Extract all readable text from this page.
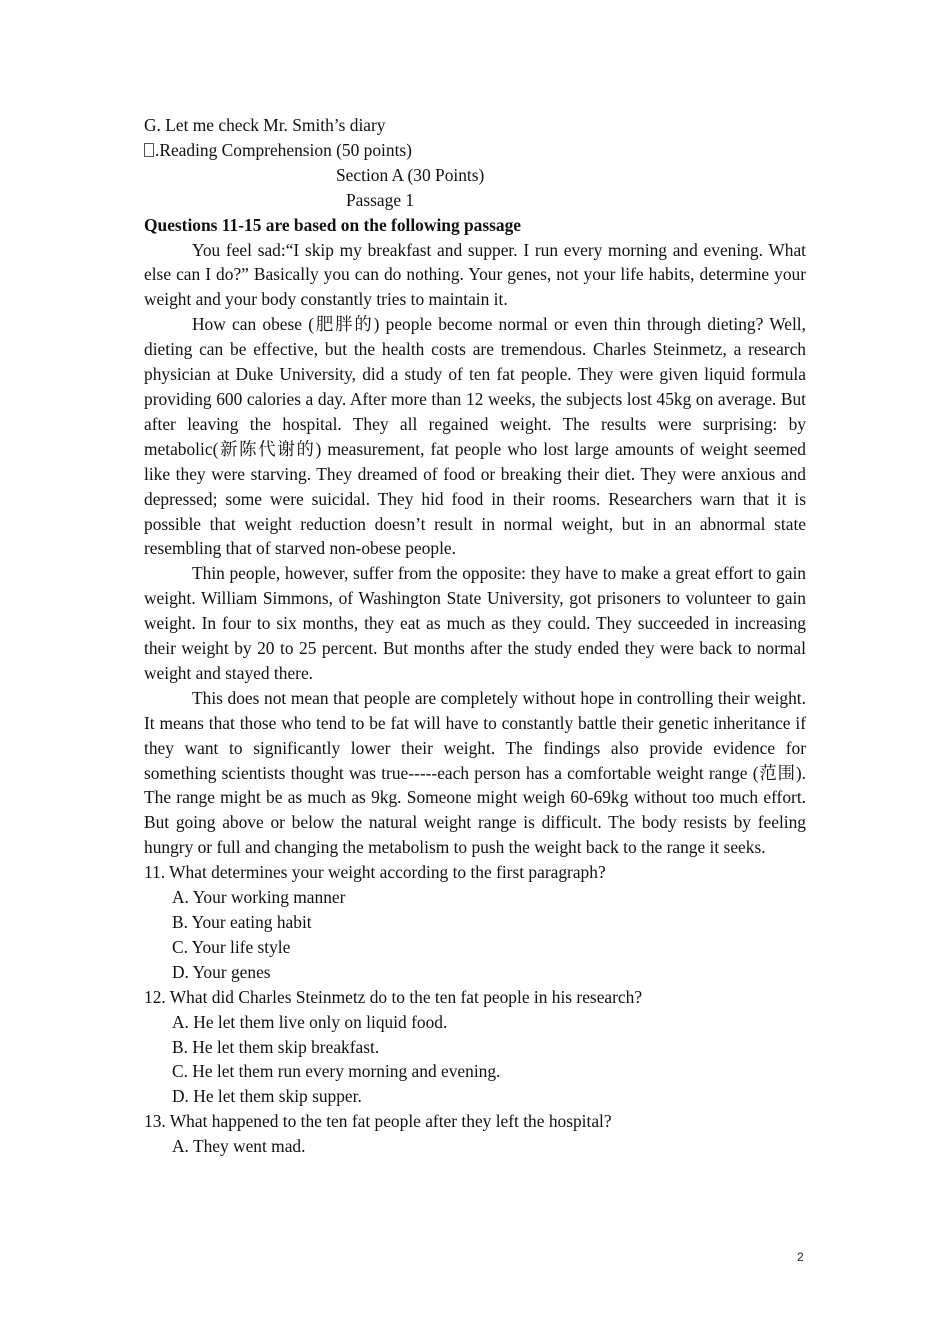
G. Let me check Mr. Smith’s diary
.Reading Comprehension (50 points)
Section A (30 Points)
Passage 1
Questions 11-15 are based on the following passage

You feel sad:“I skip my breakfast and supper. I run every morning and evening. What else can I do?” Basically you can do nothing. Your genes, not your life habits, determine your weight and your body constantly tries to maintain it.

How can obese (肥胖的) people become normal or even thin through dieting? Well, dieting can be effective, but the health costs are tremendous. Charles Steinmetz, a research physician at Duke University, did a study of ten fat people. They were given liquid formula providing 600 calories a day. After more than 12 weeks, the subjects lost 45kg on average. But after leaving the hospital. They all regained weight. The results were surprising: by metabolic(新陈代谢的) measurement, fat people who lost large amounts of weight seemed like they were starving. They dreamed of food or breaking their diet. They were anxious and depressed; some were suicidal. They hid food in their rooms. Researchers warn that it is possible that weight reduction doesn’t result in normal weight, but in an abnormal state resembling that of starved non-obese people.

Thin people, however, suffer from the opposite: they have to make a great effort to gain weight. William Simmons, of Washington State University, got prisoners to volunteer to gain weight. In four to six months, they eat as much as they could. They succeeded in increasing their weight by 20 to 25 percent. But months after the study ended they were back to normal weight and stayed there.

This does not mean that people are completely without hope in controlling their weight. It means that those who tend to be fat will have to constantly battle their genetic inheritance if they want to significantly lower their weight. The findings also provide evidence for something scientists thought was true-----each person has a comfortable weight range (范围). The range might be as much as 9kg. Someone might weigh 60-69kg without too much effort. But going above or below the natural weight range is difficult. The body resists by feeling hungry or full and changing the metabolism to push the weight back to the range it seeks.

11. What determines your weight according to the first paragraph?

A. Your working manner
B. Your eating habit
C. Your life style
D. Your genes

12. What did Charles Steinmetz do to the ten fat people in his research?

A. He let them live only on liquid food.
B. He let them skip breakfast.
C. He let them run every morning and evening.
D. He let them skip supper.

13. What happened to the ten fat people after they left the hospital?

A. They went mad.
2
